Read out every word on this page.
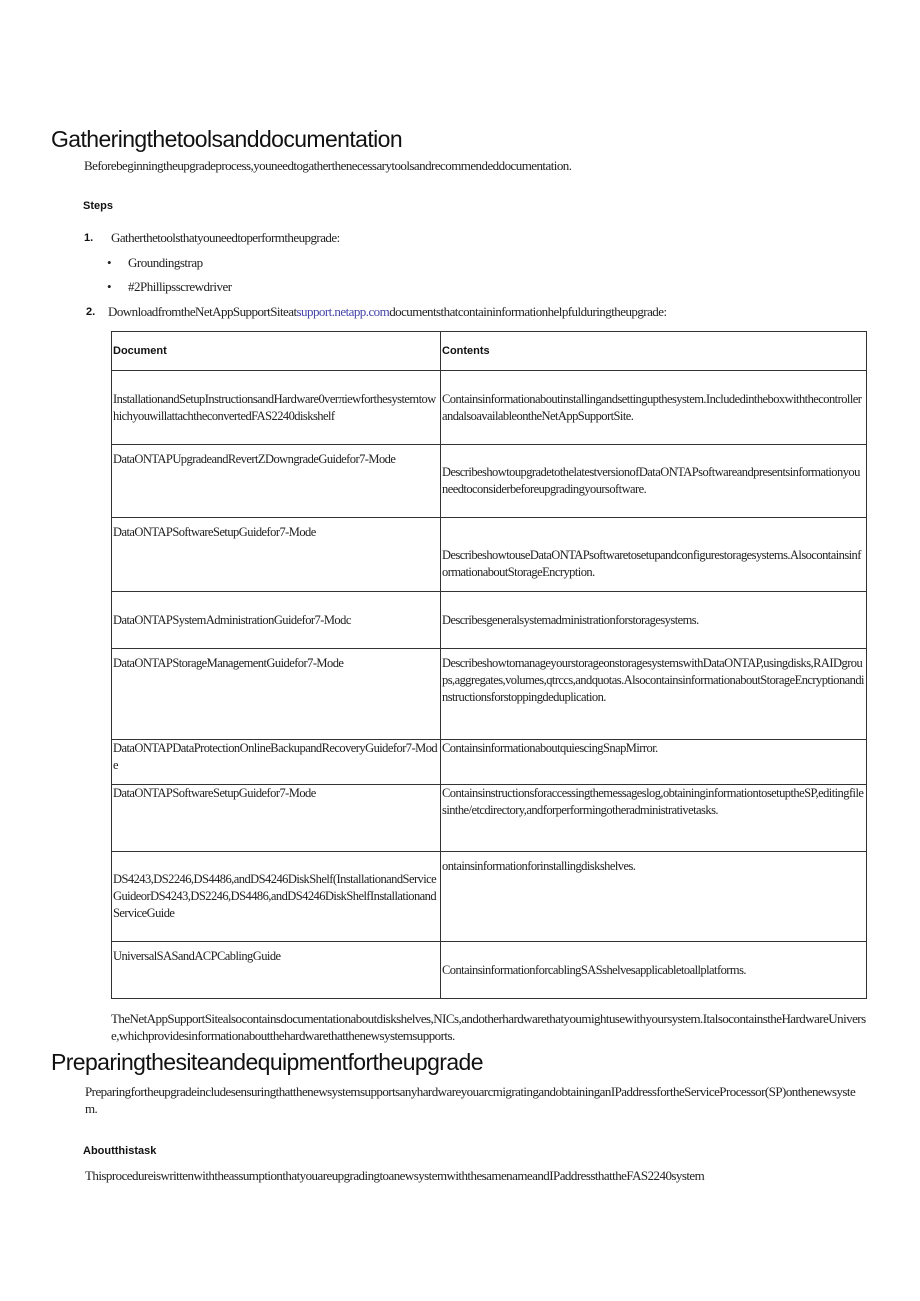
Gatheringthetoolsanddocumentation

Beforebeginningtheupgradeprocess,youneedtogatherthenecessarytoolsandrecommendeddocumentation.

Steps

1. Gatherthetoolsthatyouneedtoperformtheupgrade:
• Groundingstrap
• #2Phillipsscrewdriver
2. DownloadfromtheNetAppSupportSiteatsupport.netapp.comdocumentsthatcontaininformationhelpfulduringtheupgrade:
Document	Contents
InstallationandSetupInstructionsandHardware0verπiewforthesystemtowhichyouwillattachtheconvertedFAS2240diskshelf	Containsinformationaboutinstallingandsettingupthesystem.IncludedintheboxwiththecontrollerandalsoavailableontheNetAppSupportSite.
DataONTAPUpgradeandRevertZDowngradeGuidefor7-Mode	DescribeshowtoupgradetothelatestversionofDataONTAPsoftwareandpresentsinformationyouneedtoconsiderbeforeupgradingyoursoftware.
DataONTAPSoftwareSetupGuidefor7-Mode	DescribeshowtouseDataONTAPsoftwaretosetupandconfigurestoragesystems.AlsocontainsinformationaboutStorageEncryption.
DataONTAPSystemAdministrationGuidefor7-Modc	Describesgeneralsystemadministrationforstoragesystems.
DataONTAPStorageManagementGuidefor7-Mode	DescribeshowtomanageyourstorageonstoragesystemswithDataONTAP,usingdisks,RAIDgroups,aggregates,volumes,qtrccs,andquotas.AlsocontainsinformationaboutStorageEncryptionandinstructionsforstoppingdeduplication.
DataONTAPDataProtectionOnlineBackupandRecoveryGuidefor7-Mode	ContainsinformationaboutquiescingSnapMirror.
DataONTAPSoftwareSetupGuidefor7-Mode	Containsinstructionsforaccessingthemessageslog,obtaininginformationtosetuptheSP,editingfilesinthe/etcdirectory,andforperformingotheradministrativetasks.
DS4243,DS2246,DS4486,andDS4246DiskShelf(InstallationandServiceGuideorDS4243,DS2246,DS4486,andDS4246DiskShelfInstallationandServiceGuide	ontainsinformationforinstallingdiskshelves.
UniversalSASandACPCablingGuide	ContainsinformationforcablingSASshelvesapplicabletoallplatforms.

TheNetAppSupportSitealsocontainsdocumentationaboutdiskshelves,NICs,andotherhardwarethatyoumightusewithyoursystem.ItalsocontainstheHardwareUniverse,whichprovidesinformationaboutthehardwarethatthenewsystemsupports.

Preparingthesiteandequipmentfortheupgrade

PreparingfortheupgradeincludesensuringthatthenewsystemsupportsanyhardwareyouarcmigratingandobtaininganIPaddressfortheServiceProcessor(SP)onthenewsystem.

Aboutthistask

ThisprocedureiswrittenwiththeassumptionthatyouareupgradingtoanewsystemwiththesamenameandIPaddressthattheFAS2240system
